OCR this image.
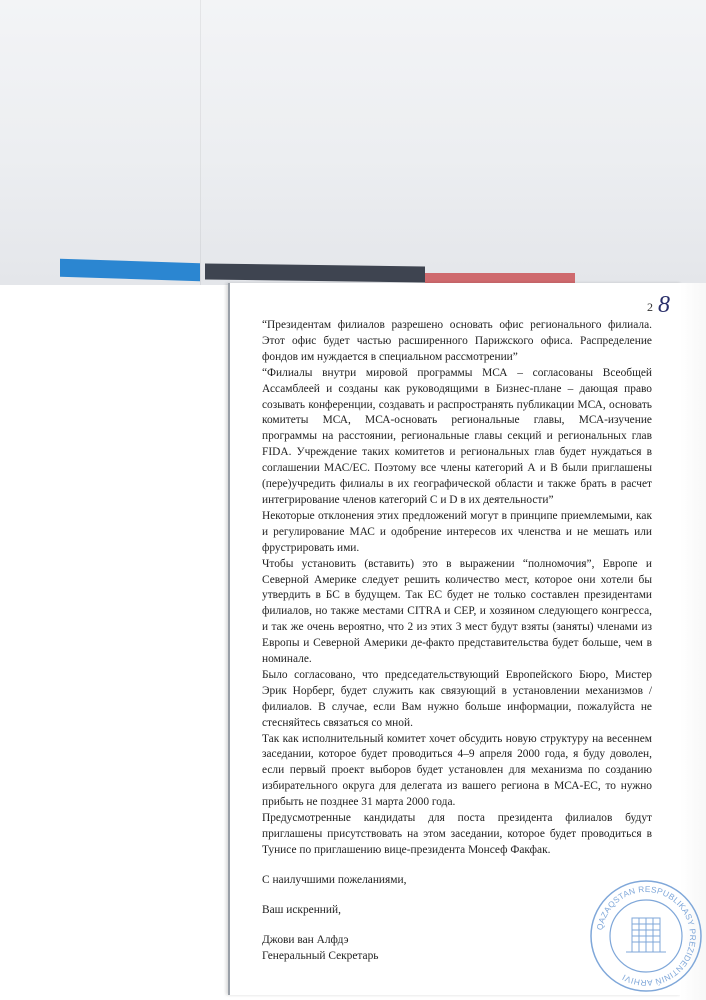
2 8

“Президентам филиалов разрешено основать офис регионального филиала. Этот офис будет частью расширенного Парижского офиса. Распределение фондов им нуждается в специальном рассмотрении”

“Филиалы внутри мировой программы МСА – согласованы Всеобщей Ассамблеей и созданы как руководящими в Бизнес-плане – дающая право созывать конференции, создавать и распространять публикации МСА, основать комитеты МСА, МСА-основать региональные главы, МСА-изучение программы на расстоянии, региональные главы секций и региональных глав FIDA. Учреждение таких комитетов и региональных глав будет нуждаться в соглашении МАС/ЕС. Поэтому все члены категорий А и В были приглашены (пере)учредить филиалы в их географической области и также брать в расчет интегрирование членов категорий С и D в их деятельности”

Некоторые отклонения этих предложений могут в принципе приемлемыми, как и регулирование МАС и одобрение интересов их членства и не мешать или фрустрировать ими.

Чтобы установить (вставить) это в выражении “полномочия”, Европе и Северной Америке следует решить количество мест, которое они хотели бы утвердить в БС в будущем. Так ЕС будет не только составлен президентами филиалов, но также местами CITRA и CEP, и хозяином следующего конгресса, и так же очень вероятно, что 2 из этих 3 мест будут взяты (заняты) членами из Европы и Северной Америки де-факто представительства будет больше, чем в номинале.

Было согласовано, что председательствующий Европейского Бюро, Мистер Эрик Норберг, будет служить как связующий в установлении механизмов /филиалов. В случае, если Вам нужно больше информации, пожалуйста не стесняйтесь связаться со мной.

Так как исполнительный комитет хочет обсудить новую структуру на весеннем заседании, которое будет проводиться 4–9 апреля 2000 года, я буду доволен, если первый проект выборов будет установлен для механизма по созданию избирательного округа для делегата из вашего региона в МСА-ЕС, то нужно прибыть не позднее 31 марта 2000 года.

Предусмотренные кандидаты для поста президента филиалов будут приглашены присутствовать на этом заседании, которое будет проводиться в Тунисе по приглашению вице-президента Монсеф Факфак.

С наилучшими пожеланиями,

Ваш искренний,

Джови ван Алфдэ

Генеральный Секретарь

QAZAQSTAN RESPUBLIKASY PREZIDENTINIŃ ARHIVI
